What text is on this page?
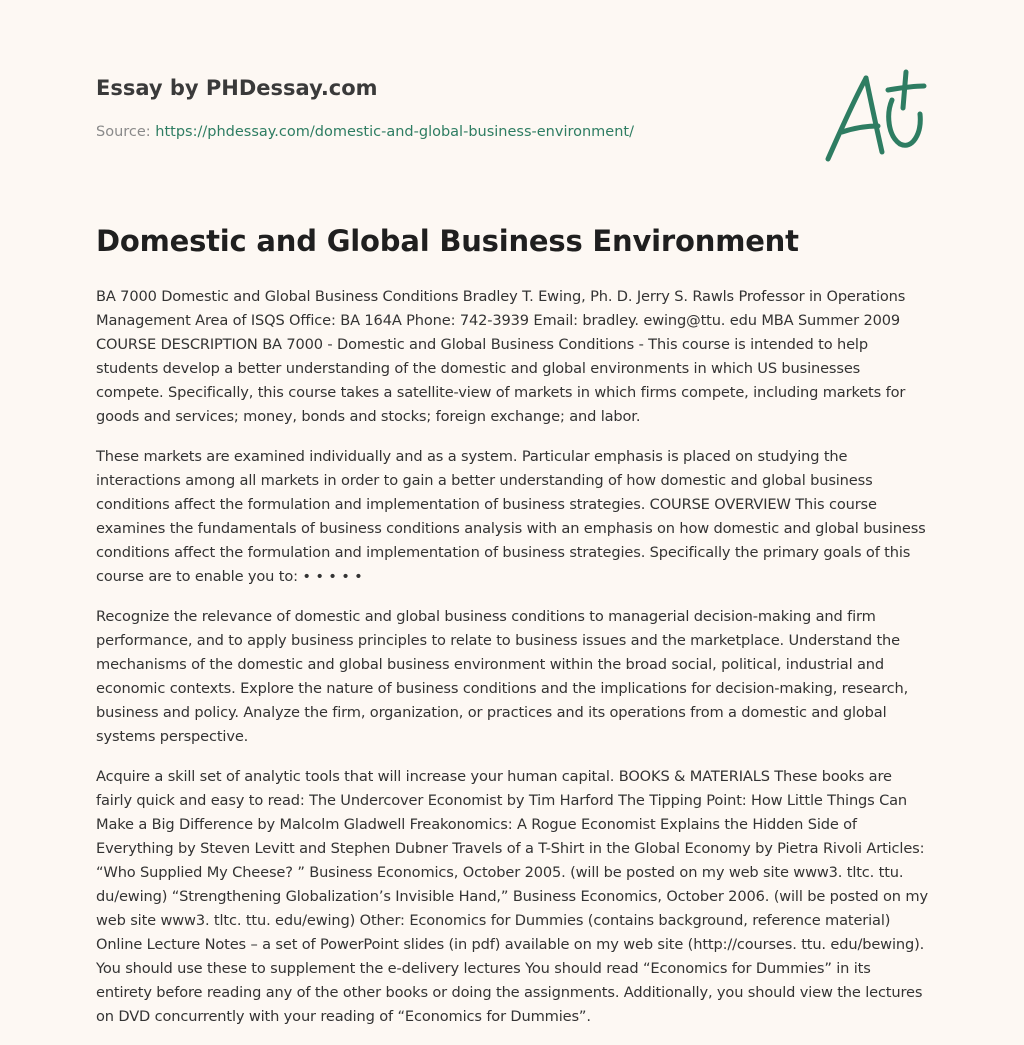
Essay by PHDessay.com

Source: https://phdessay.com/domestic-and-global-business-environment/

Domestic and Global Business Environment

BA 7000 Domestic and Global Business Conditions Bradley T. Ewing, Ph. D. Jerry S. Rawls Professor in Operations Management Area of ISQS Office: BA 164A Phone: 742-3939 Email: bradley. ewing@ttu. edu MBA Summer 2009 COURSE DESCRIPTION BA 7000 - Domestic and Global Business Conditions - This course is intended to help students develop a better understanding of the domestic and global environments in which US businesses compete. Specifically, this course takes a satellite-view of markets in which firms compete, including markets for goods and services; money, bonds and stocks; foreign exchange; and labor.

These markets are examined individually and as a system. Particular emphasis is placed on studying the interactions among all markets in order to gain a better understanding of how domestic and global business conditions affect the formulation and implementation of business strategies. COURSE OVERVIEW This course examines the fundamentals of business conditions analysis with an emphasis on how domestic and global business conditions affect the formulation and implementation of business strategies. Specifically the primary goals of this course are to enable you to: • • • • •

Recognize the relevance of domestic and global business conditions to managerial decision-making and firm performance, and to apply business principles to relate to business issues and the marketplace. Understand the mechanisms of the domestic and global business environment within the broad social, political, industrial and economic contexts. Explore the nature of business conditions and the implications for decision-making, research, business and policy. Analyze the firm, organization, or practices and its operations from a domestic and global systems perspective.

Acquire a skill set of analytic tools that will increase your human capital. BOOKS & MATERIALS These books are fairly quick and easy to read: The Undercover Economist by Tim Harford The Tipping Point: How Little Things Can Make a Big Difference by Malcolm Gladwell Freakonomics: A Rogue Economist Explains the Hidden Side of Everything by Steven Levitt and Stephen Dubner Travels of a T-Shirt in the Global Economy by Pietra Rivoli Articles: “Who Supplied My Cheese? ” Business Economics, October 2005. (will be posted on my web site www3. tltc. ttu. du/ewing) “Strengthening Globalization’s Invisible Hand,” Business Economics, October 2006. (will be posted on my web site www3. tltc. ttu. edu/ewing) Other: Economics for Dummies (contains background, reference material) Online Lecture Notes – a set of PowerPoint slides (in pdf) available on my web site (http://courses. ttu. edu/bewing). You should use these to supplement the e-delivery lectures You should read “Economics for Dummies” in its entirety before reading any of the other books or doing the assignments. Additionally, you should view the lectures on DVD concurrently with your reading of “Economics for Dummies”.
